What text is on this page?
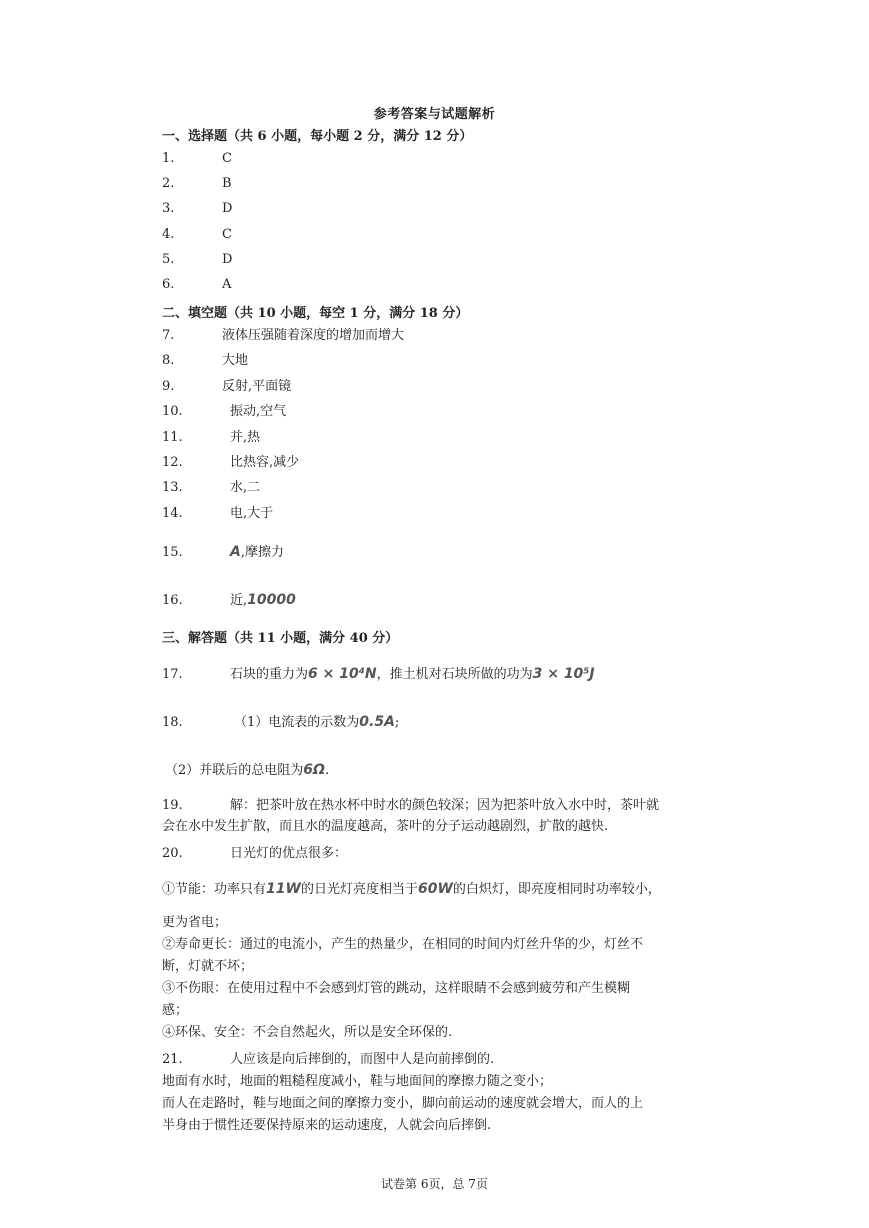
参考答案与试题解析
一、选择题（共 6 小题，每小题 2 分，满分 12 分）
1.	C
2.	B
3.	D
4.	C
5.	D
6.	A
二、填空题（共 10 小题，每空 1 分，满分 18 分）
7.	液体压强随着深度的增加而增大
8.	大地
9.	反射,平面镜
10.	振动,空气
11.	并,热
12.	比热容,减少
13.	水,二
14.	电,大于
15.	A,摩擦力
16.	近,10000
三、解答题（共 11 小题，满分 40 分）
17.	石块的重力为6 × 10⁴N，推土机对石块所做的功为3 × 10⁵J
18.	（1）电流表的示数为0.5A;
（2）并联后的总电阻为6Ω.
19.	解：把茶叶放在热水杯中时水的颜色较深；因为把茶叶放入水中时，茶叶就
会在水中发生扩散，而且水的温度越高，茶叶的分子运动越剧烈，扩散的越快.
20.	日光灯的优点很多：
①节能：功率只有11W的日光灯亮度相当于60W的白炽灯，即亮度相同时功率较小，
更为省电；
②寿命更长：通过的电流小，产生的热量少，在相同的时间内灯丝升华的少，灯丝不
断，灯就不坏；
③不伤眼：在使用过程中不会感到灯管的跳动，这样眼睛不会感到疲劳和产生模糊
感；
④环保、安全：不会自然起火，所以是安全环保的.
21.	人应该是向后摔倒的，而图中人是向前摔倒的.
地面有水时，地面的粗糙程度减小，鞋与地面间的摩擦力随之变小；
而人在走路时，鞋与地面之间的摩擦力变小，脚向前运动的速度就会增大，而人的上
半身由于惯性还要保持原来的运动速度，人就会向后摔倒.
试卷第 6页，总 7页
